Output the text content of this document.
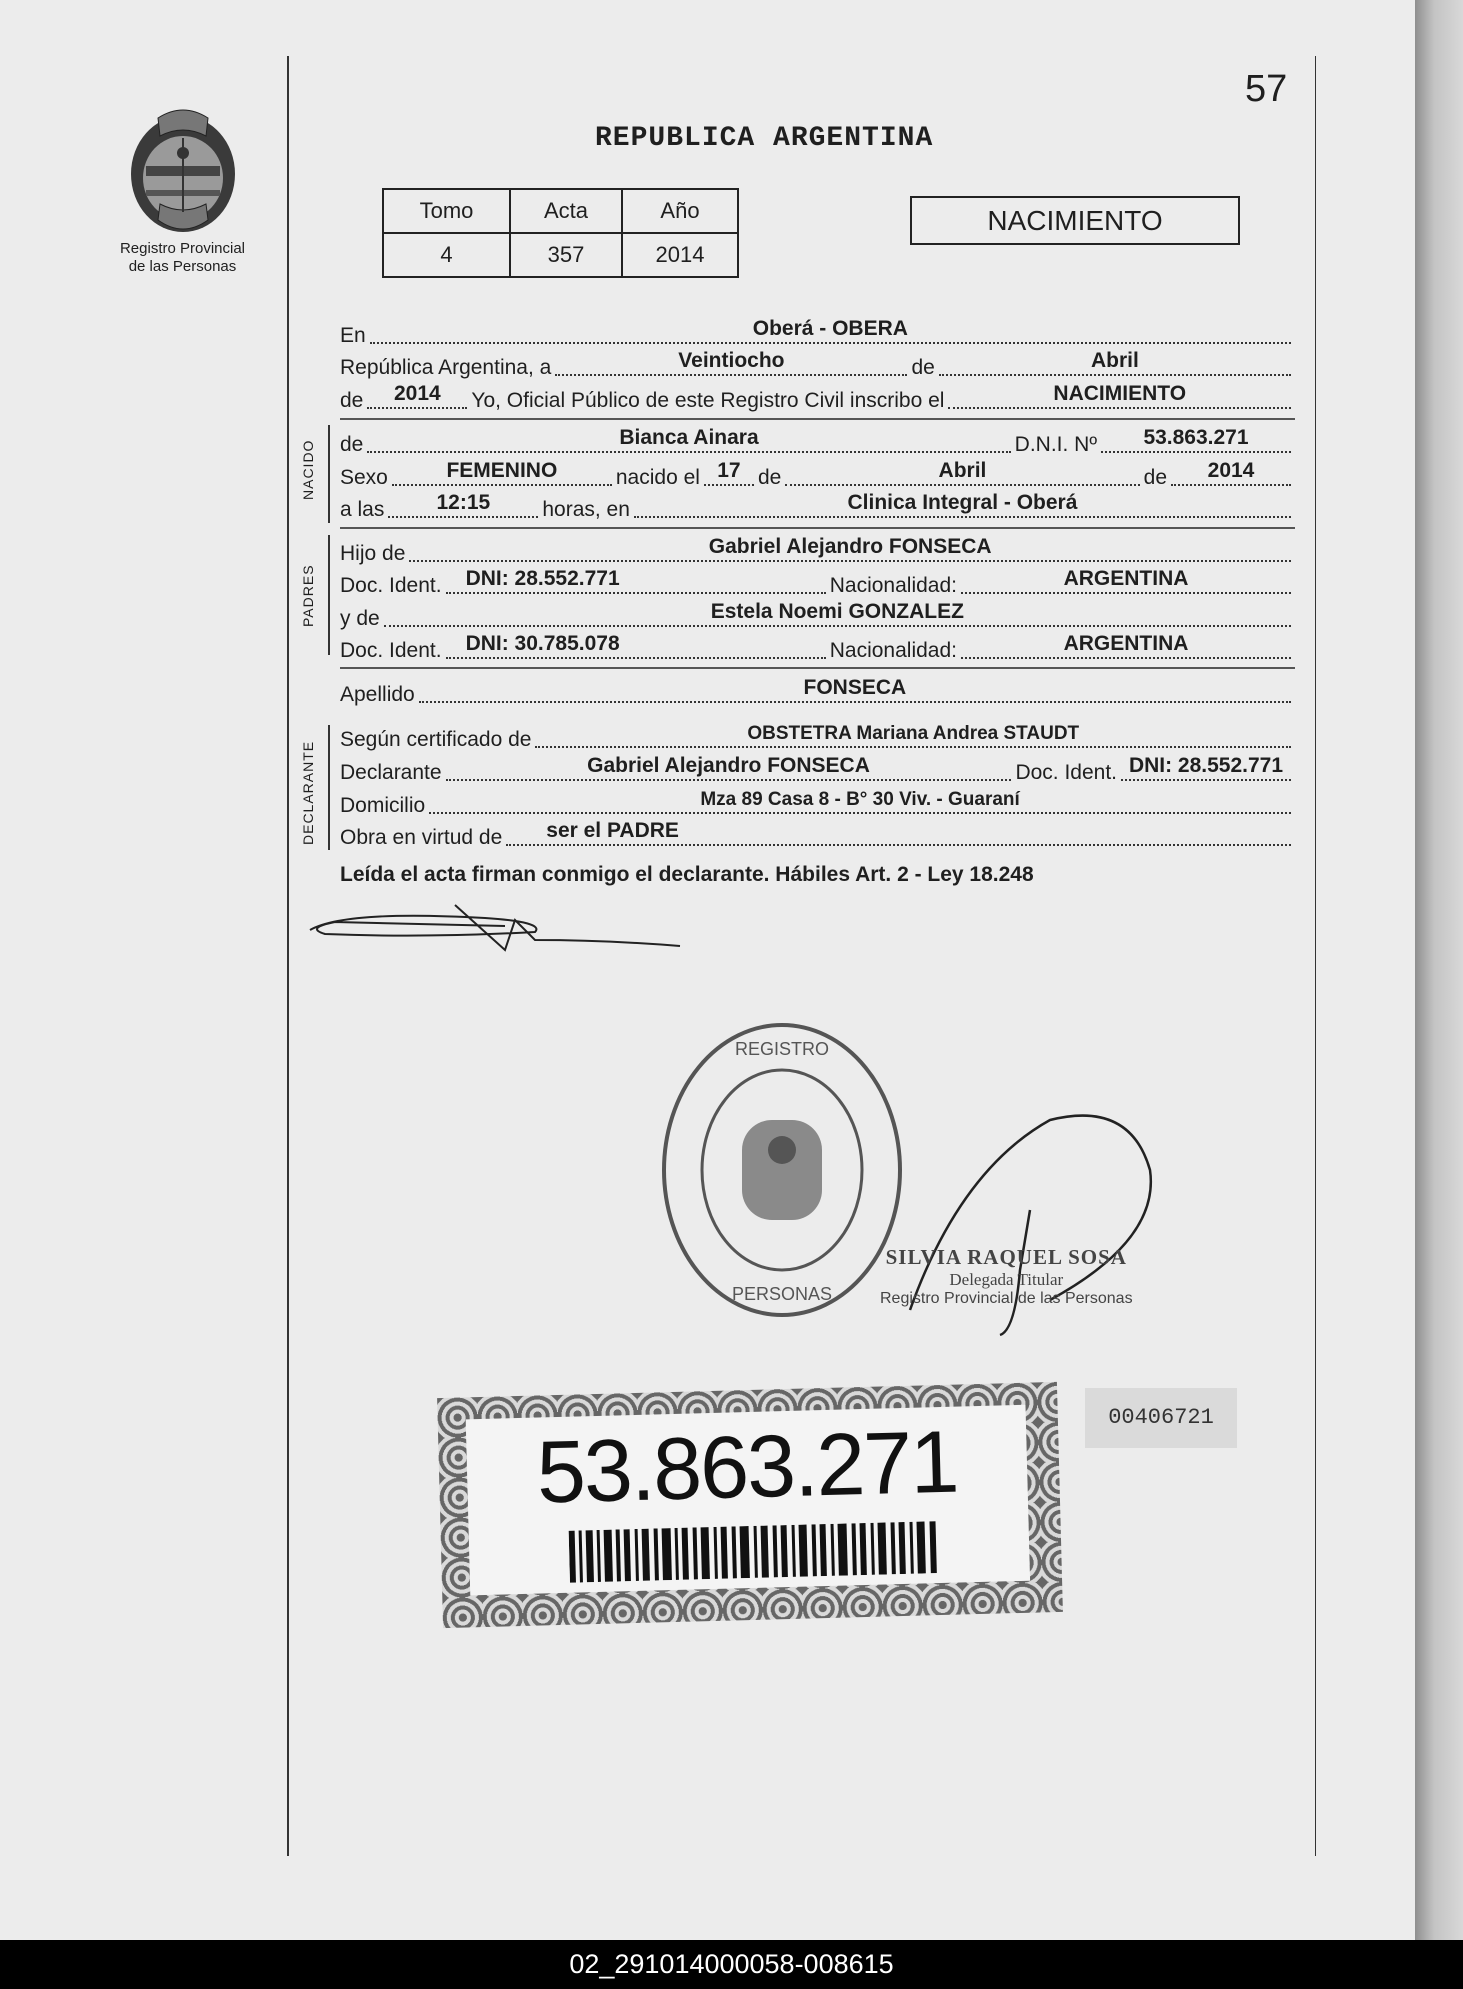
Registro Provincial
de las Personas
57
REPUBLICA ARGENTINA
Tomo	Acta	Año
4	357	2014
NACIMIENTO
En	Oberá - OBERA
República Argentina, a	Veintiocho	de	Abril
de	2014	Yo, Oficial Público de este Registro Civil inscribo el	NACIMIENTO
NACIDO de	Bianca Ainara	D.N.I. Nº	53.863.271
Sexo	FEMENINO	nacido el 17 de	Abril	de	2014
a las	12:15	horas, en	Clinica Integral - Oberá
PADRES
Hijo de	Gabriel Alejandro FONSECA
Doc. Ident.	DNI: 28.552.771	Nacionalidad:	ARGENTINA
y de	Estela Noemi GONZALEZ
Doc. Ident.	DNI: 30.785.078	Nacionalidad:	ARGENTINA
Apellido	FONSECA
DECLARANTE
Según certificado de	OBSTETRA Mariana Andrea STAUDT
Declarante	Gabriel Alejandro FONSECA	Doc. Ident. DNI: 28.552.771
Domicilio	Mza 89 Casa 8 - B° 30 Viv. - Guaraní
Obra en virtud de	ser el PADRE
Leída el acta firman conmigo el declarante. Hábiles Art. 2 - Ley 18.248
REGISTRO
PERSONAS
SILVIA RAQUEL SOSA
Delegada Titular
Registro Provincial de las Personas
53.863.271	00406721
02_291014000058-008615
